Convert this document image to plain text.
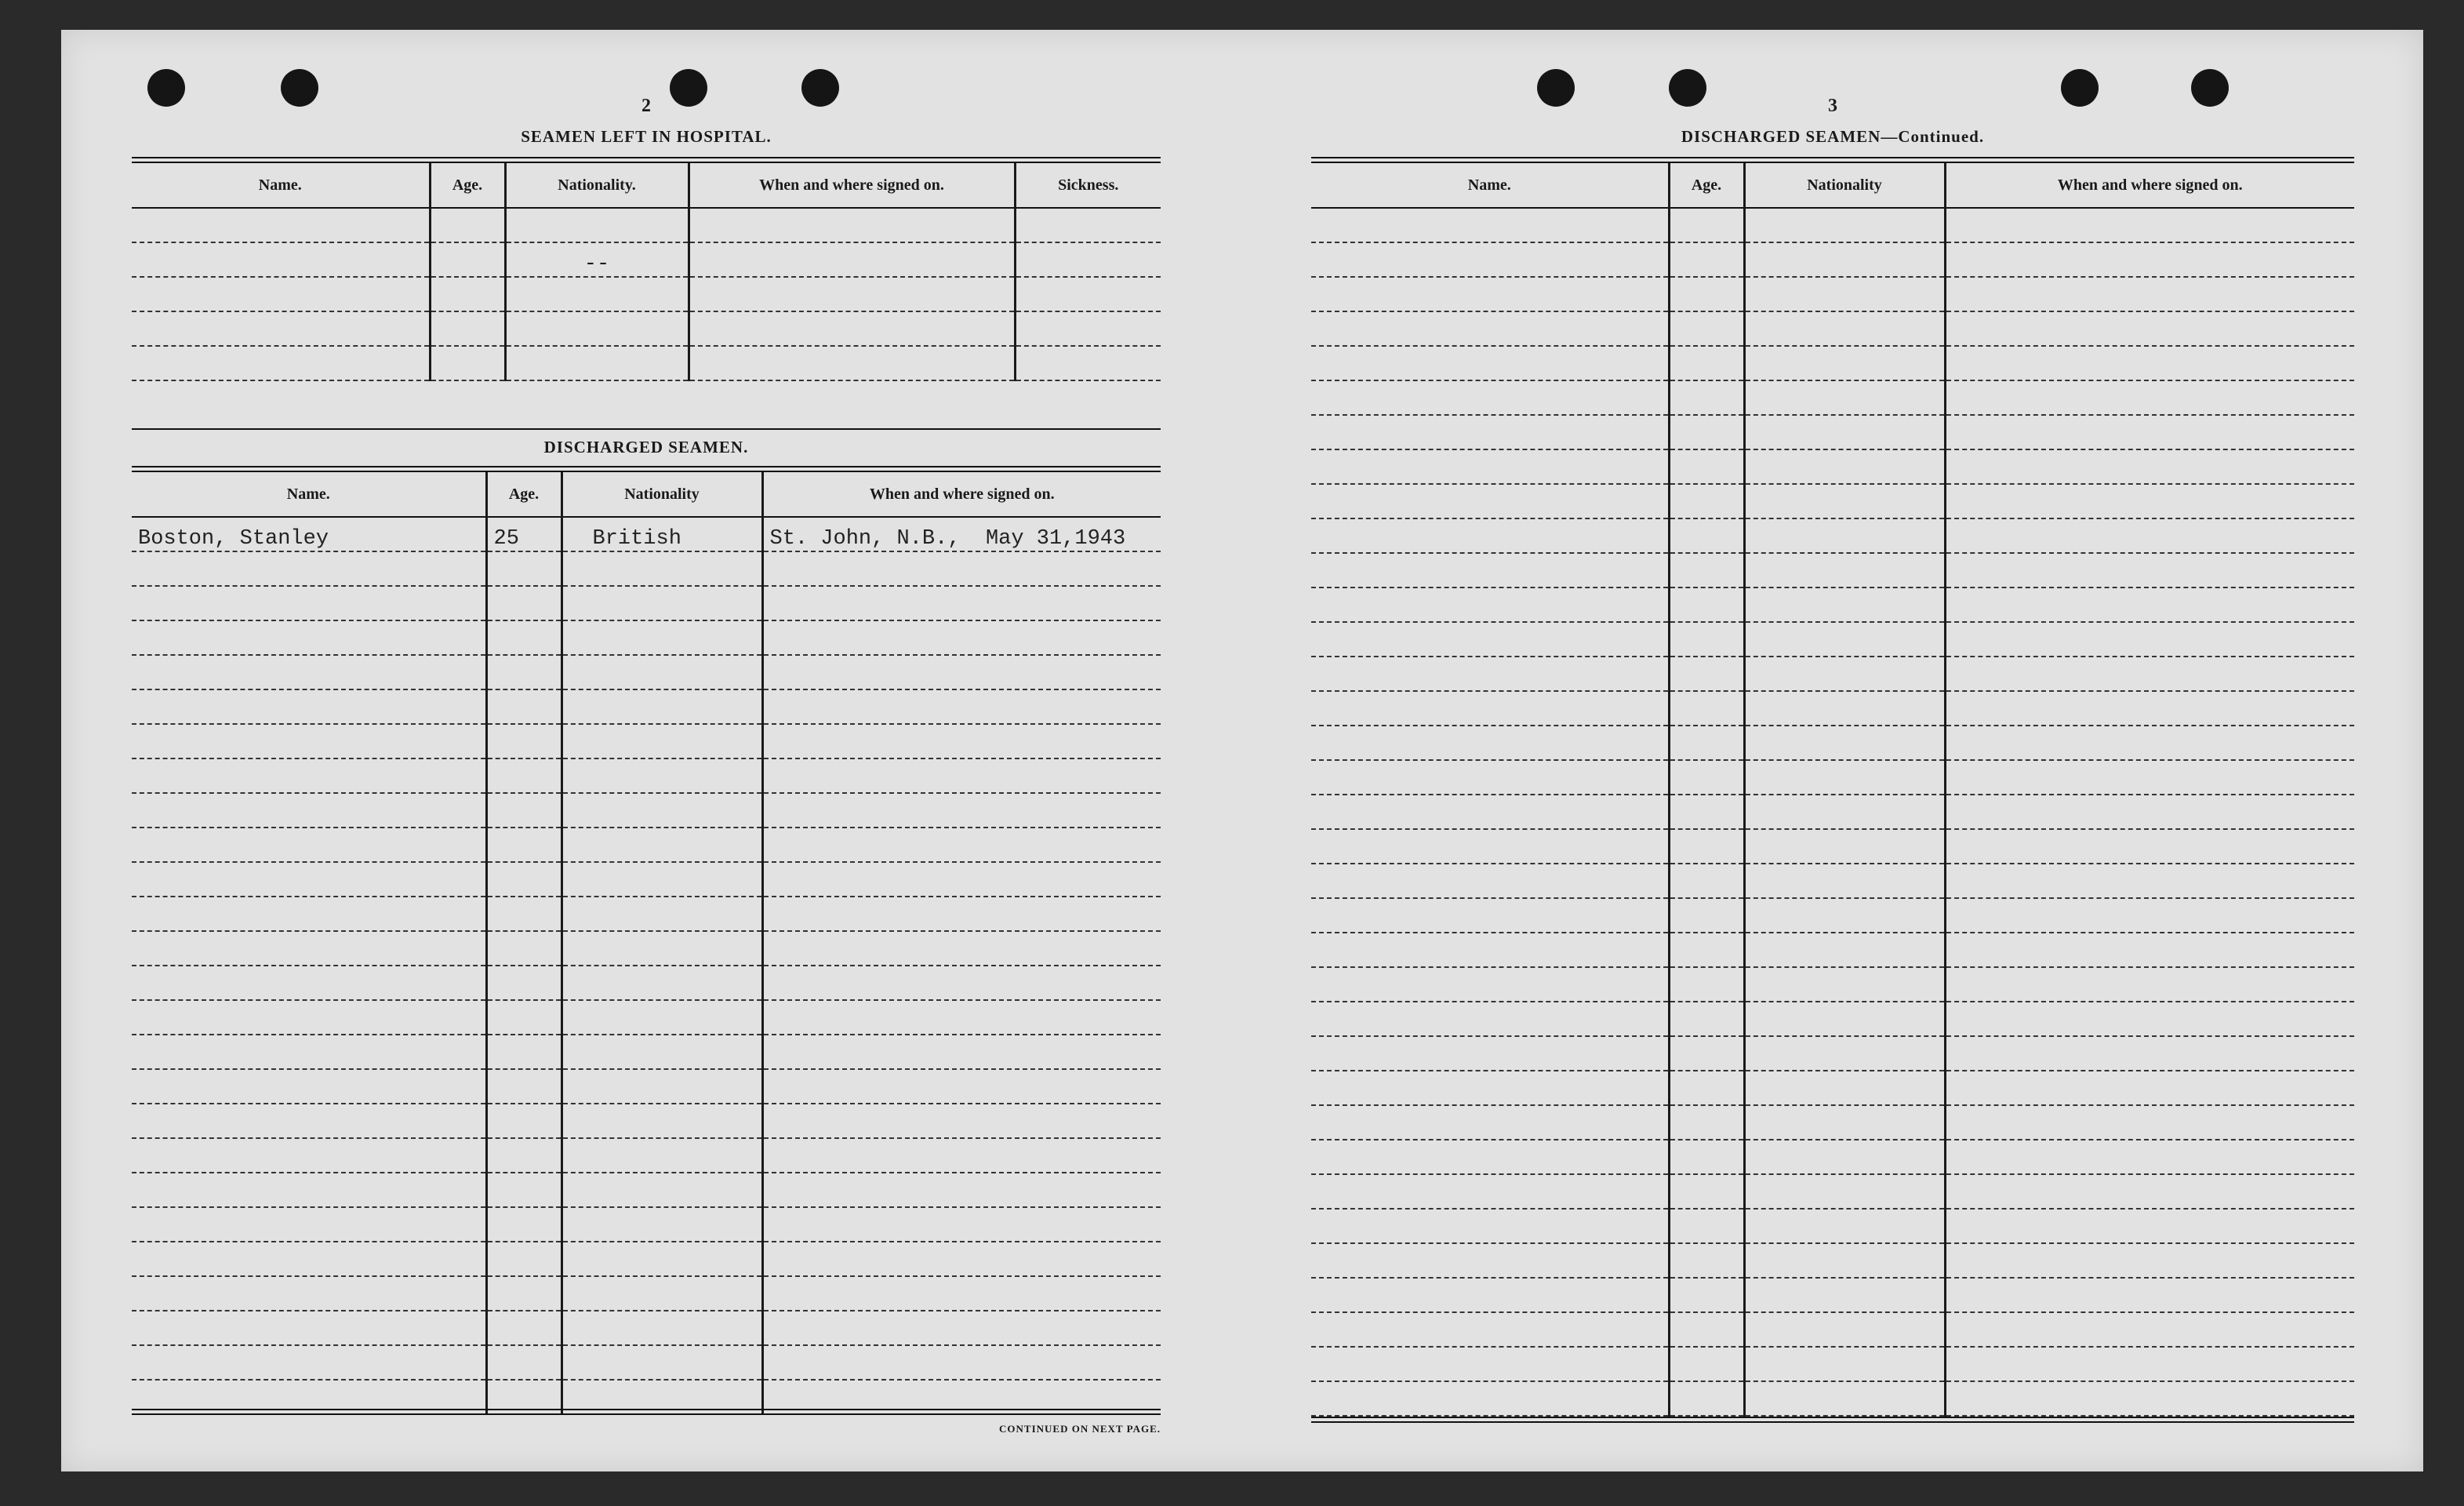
2
SEAMEN LEFT IN HOSPITAL.
Name.	Age.	Nationality.	When and where signed on.	Sickness.

		--		

DISCHARGED SEAMEN.
Name.	Age.	Nationality	When and where signed on.
Boston, Stanley	25	British	St. John, N.B.,  May 31,1943

CONTINUED ON NEXT PAGE.
3
DISCHARGED SEAMEN—Continued.
Name.	Age.	Nationality	When and where signed on.
